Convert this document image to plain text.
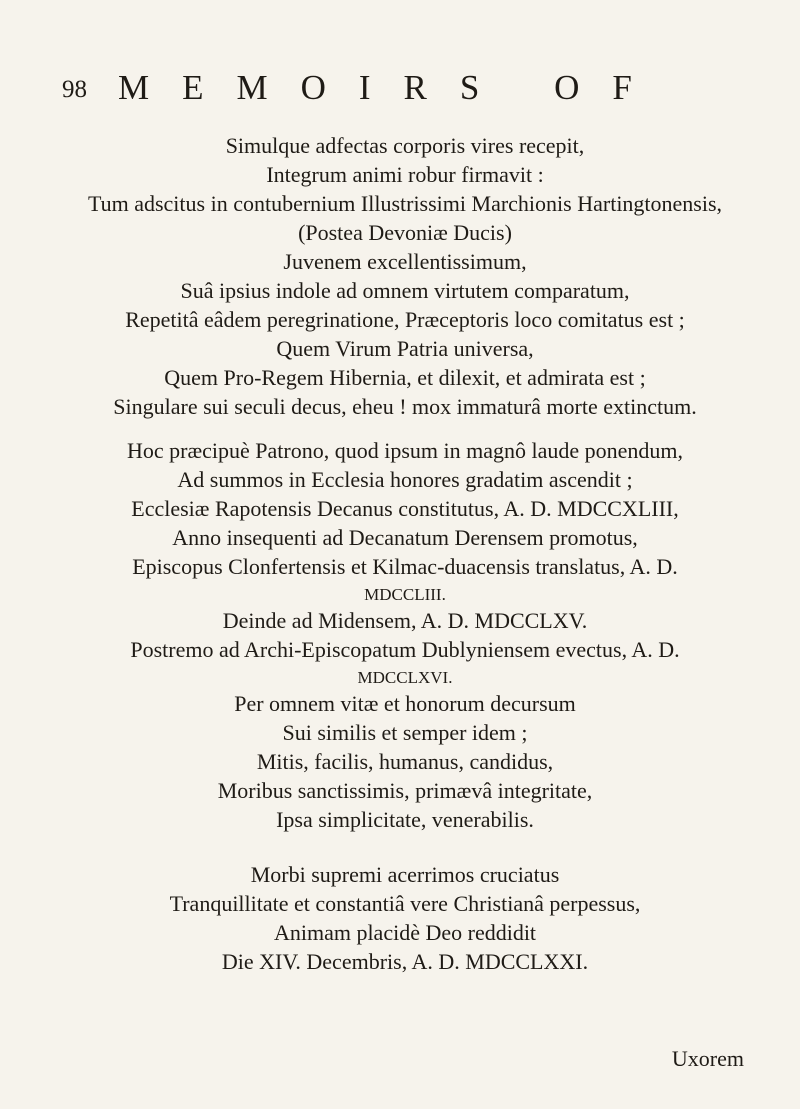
98 MEMOIRS OF
Simulque adfectas corporis vires recepit,
Integrum animi robur firmavit :
Tum adscitus in contubernium Illustrissimi Marchionis Hartingtonensis,
(Postea Devoniæ Ducis)
Juvenem excellentissimum,
Suâ ipsius indole ad omnem virtutem comparatum,
Repetitâ eâdem peregrinatione, Præceptoris loco comitatus est ;
Quem Virum Patria universa,
Quem Pro-Regem Hibernia, et dilexit, et admirata est ;
Singulare sui seculi decus, eheu ! mox immaturâ morte extinctum.
Hoc præcipuè Patrono, quod ipsum in magnô laude ponendum,
Ad summos in Ecclesia honores gradatim ascendit ;
Ecclesiæ Rapotensis Decanus constitutus, A. D. MDCCXLIII,
Anno insequenti ad Decanatum Derensem promotus,
Episcopus Clonfertensis et Kilmac-duacensis translatus, A. D.
MDCCLIII.
Deinde ad Midensem, A. D. MDCCLXV.
Postremo ad Archi-Episcopatum Dublyniensem evectus, A. D.
MDCCLXVI.
Per omnem vitæ et honorum decursum
Sui similis et semper idem ;
Mitis, facilis, humanus, candidus,
Moribus sanctissimis, primævâ integritate,
Ipsa simplicitate, venerabilis.
Morbi supremi acerrimos cruciatus
Tranquillitate et constantiâ vere Christianâ perpessus,
Animam placidè Deo reddidit
Die XIV. Decembris, A. D. MDCCLXXI.
Uxorem
